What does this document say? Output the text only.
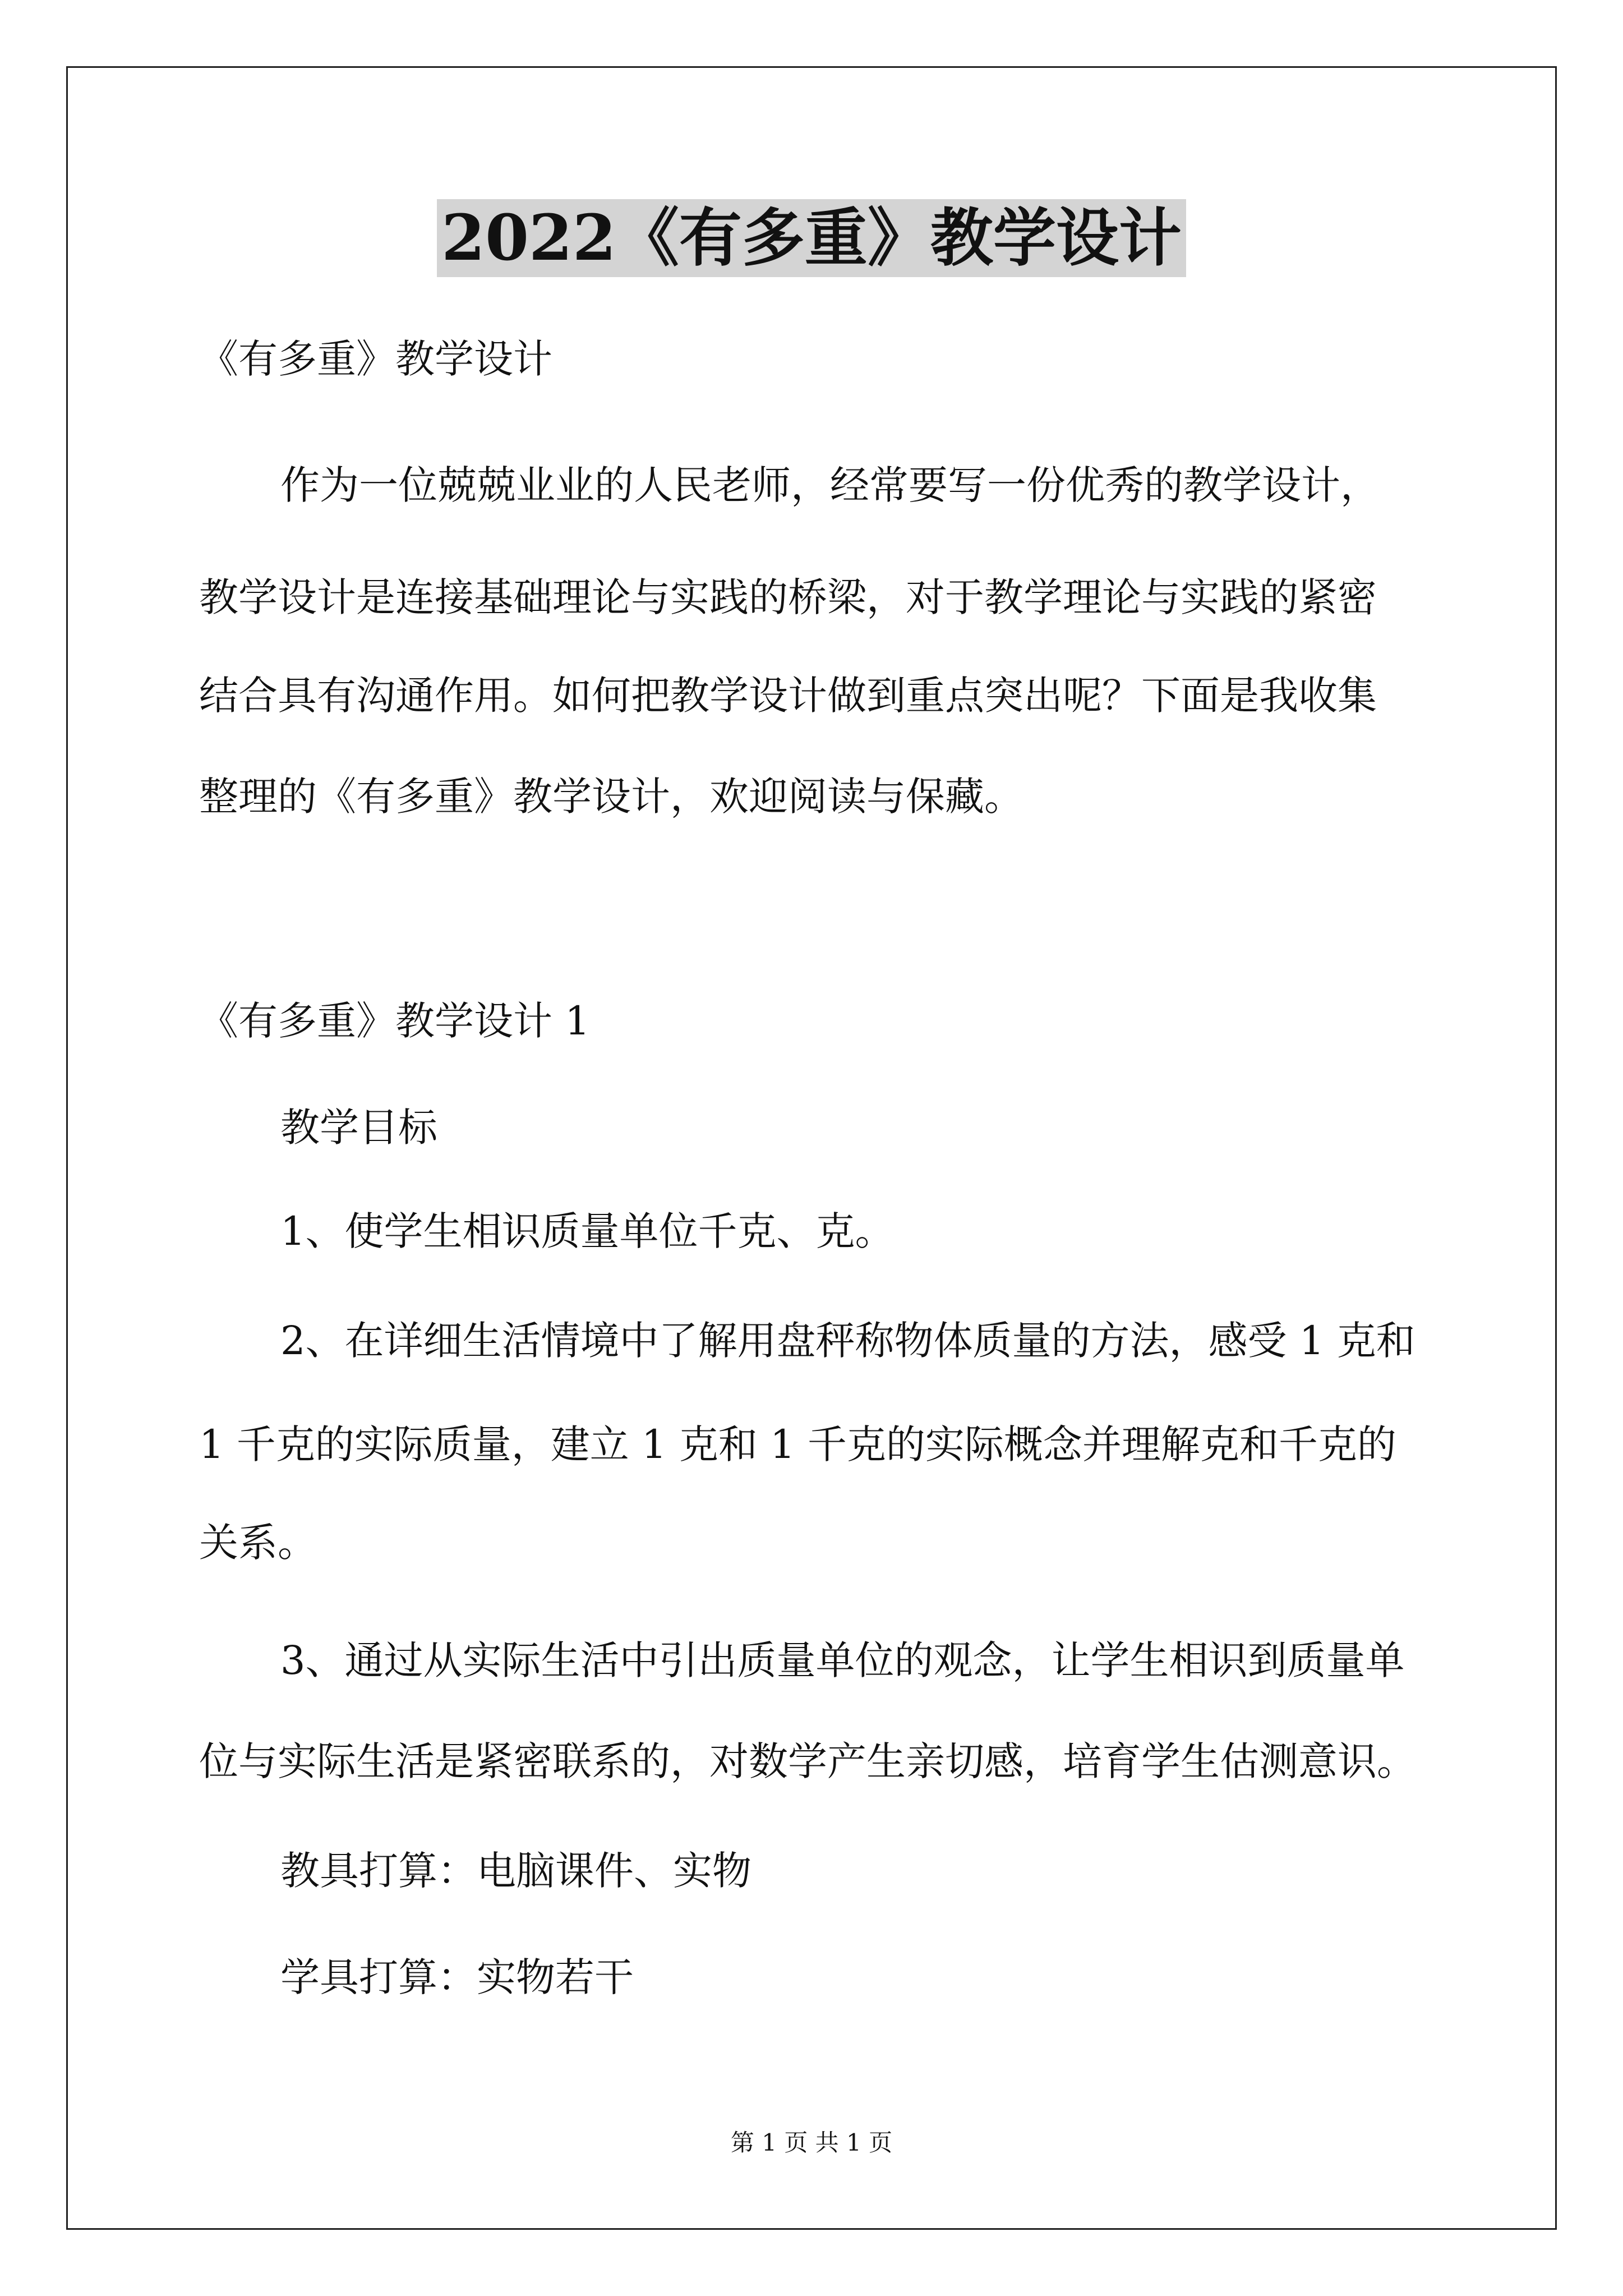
2022《有多重》教学设计
《有多重》教学设计
作为一位兢兢业业的人民老师，经常要写一份优秀的教学设计，
教学设计是连接基础理论与实践的桥梁，对于教学理论与实践的紧密
结合具有沟通作用。如何把教学设计做到重点突出呢？下面是我收集
整理的《有多重》教学设计，欢迎阅读与保藏。
《有多重》教学设计 1
教学目标
1、使学生相识质量单位千克、克。
2、在详细生活情境中了解用盘秤称物体质量的方法，感受 1 克和
1 千克的实际质量，建立 1 克和 1 千克的实际概念并理解克和千克的
关系。
3、通过从实际生活中引出质量单位的观念，让学生相识到质量单
位与实际生活是紧密联系的，对数学产生亲切感，培育学生估测意识。
教具打算：电脑课件、实物
学具打算：实物若干
第 1 页 共 1 页
